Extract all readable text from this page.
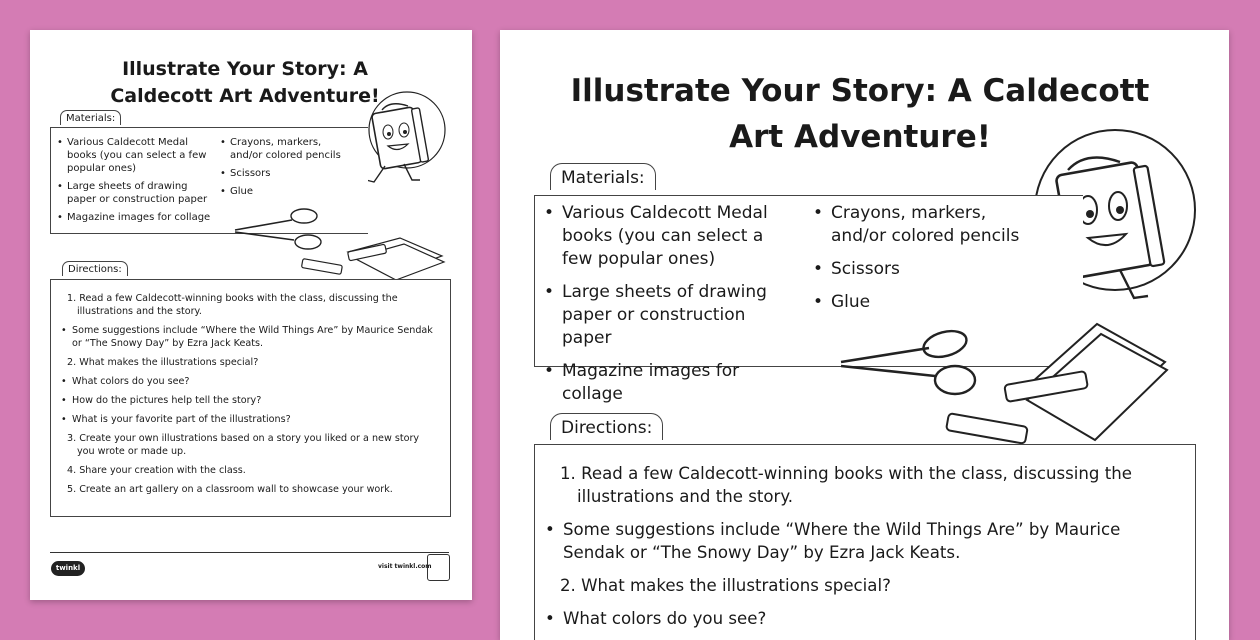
Illustrate Your Story: A Caldecott Art Adventure!
Materials:
• Various Caldecott Medal books (you can select a few popular ones)
• Large sheets of drawing paper or construction paper
• Magazine images for collage
• Crayons, markers, and/or colored pencils
• Scissors
• Glue
Directions:
1. Read a few Caldecott-winning books with the class, discussing the illustrations and the story.
• Some suggestions include “Where the Wild Things Are” by Maurice Sendak or “The Snowy Day” by Ezra Jack Keats.
2. What makes the illustrations special?
• What colors do you see?
• How do the pictures help tell the story?
• What is your favorite part of the illustrations?
3. Create your own illustrations based on a story you liked or a new story you wrote or made up.
4. Share your creation with the class.
5. Create an art gallery on a classroom wall to showcase your work.
twinkl	visit twinkl.com
Illustrate Your Story: A Caldecott Art Adventure!
Materials:
• Various Caldecott Medal books (you can select a few popular ones)
• Large sheets of drawing paper or construction paper
• Magazine images for collage
• Crayons, markers, and/or colored pencils
• Scissors
• Glue
Directions:
1. Read a few Caldecott-winning books with the class, discussing the illustrations and the story.
• Some suggestions include “Where the Wild Things Are” by Maurice Sendak or “The Snowy Day” by Ezra Jack Keats.
2. What makes the illustrations special?
• What colors do you see?
